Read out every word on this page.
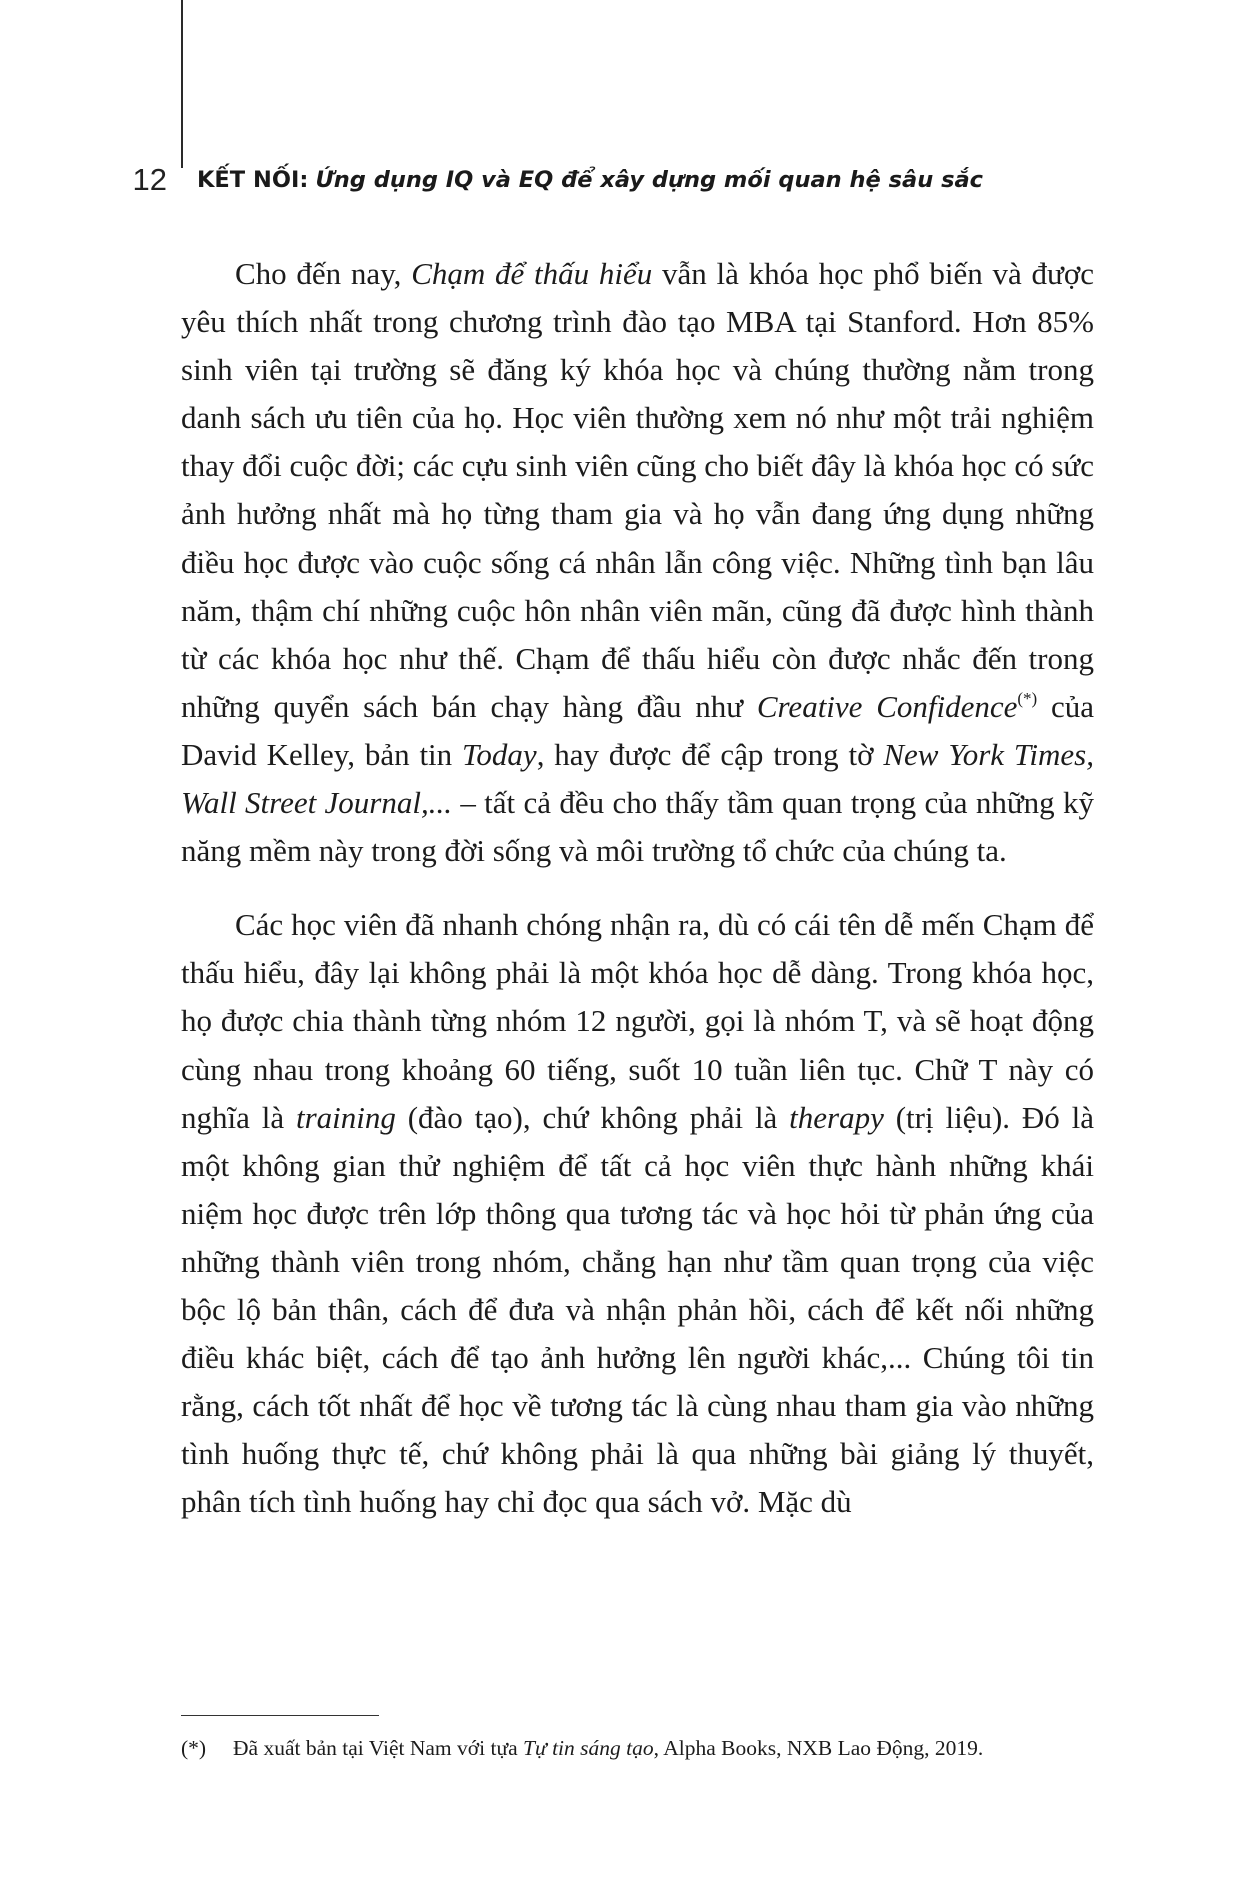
12 KẾT NỐI: Ứng dụng IQ và EQ để xây dựng mối quan hệ sâu sắc

Cho đến nay, Chạm để thấu hiểu vẫn là khóa học phổ biến và được yêu thích nhất trong chương trình đào tạo MBA tại Stanford. Hơn 85% sinh viên tại trường sẽ đăng ký khóa học và chúng thường nằm trong danh sách ưu tiên của họ. Học viên thường xem nó như một trải nghiệm thay đổi cuộc đời; các cựu sinh viên cũng cho biết đây là khóa học có sức ảnh hưởng nhất mà họ từng tham gia và họ vẫn đang ứng dụng những điều học được vào cuộc sống cá nhân lẫn công việc. Những tình bạn lâu năm, thậm chí những cuộc hôn nhân viên mãn, cũng đã được hình thành từ các khóa học như thế. Chạm để thấu hiểu còn được nhắc đến trong những quyển sách bán chạy hàng đầu như Creative Confidence(*) của David Kelley, bản tin Today, hay được để cập trong tờ New York Times, Wall Street Journal,... – tất cả đều cho thấy tầm quan trọng của những kỹ năng mềm này trong đời sống và môi trường tổ chức của chúng ta.

Các học viên đã nhanh chóng nhận ra, dù có cái tên dễ mến Chạm để thấu hiểu, đây lại không phải là một khóa học dễ dàng. Trong khóa học, họ được chia thành từng nhóm 12 người, gọi là nhóm T, và sẽ hoạt động cùng nhau trong khoảng 60 tiếng, suốt 10 tuần liên tục. Chữ T này có nghĩa là training (đào tạo), chứ không phải là therapy (trị liệu). Đó là một không gian thử nghiệm để tất cả học viên thực hành những khái niệm học được trên lớp thông qua tương tác và học hỏi từ phản ứng của những thành viên trong nhóm, chẳng hạn như tầm quan trọng của việc bộc lộ bản thân, cách để đưa và nhận phản hồi, cách để kết nối những điều khác biệt, cách để tạo ảnh hưởng lên người khác,... Chúng tôi tin rằng, cách tốt nhất để học về tương tác là cùng nhau tham gia vào những tình huống thực tế, chứ không phải là qua những bài giảng lý thuyết, phân tích tình huống hay chỉ đọc qua sách vở. Mặc dù

(*) Đã xuất bản tại Việt Nam với tựa Tự tin sáng tạo, Alpha Books, NXB Lao Động, 2019.
